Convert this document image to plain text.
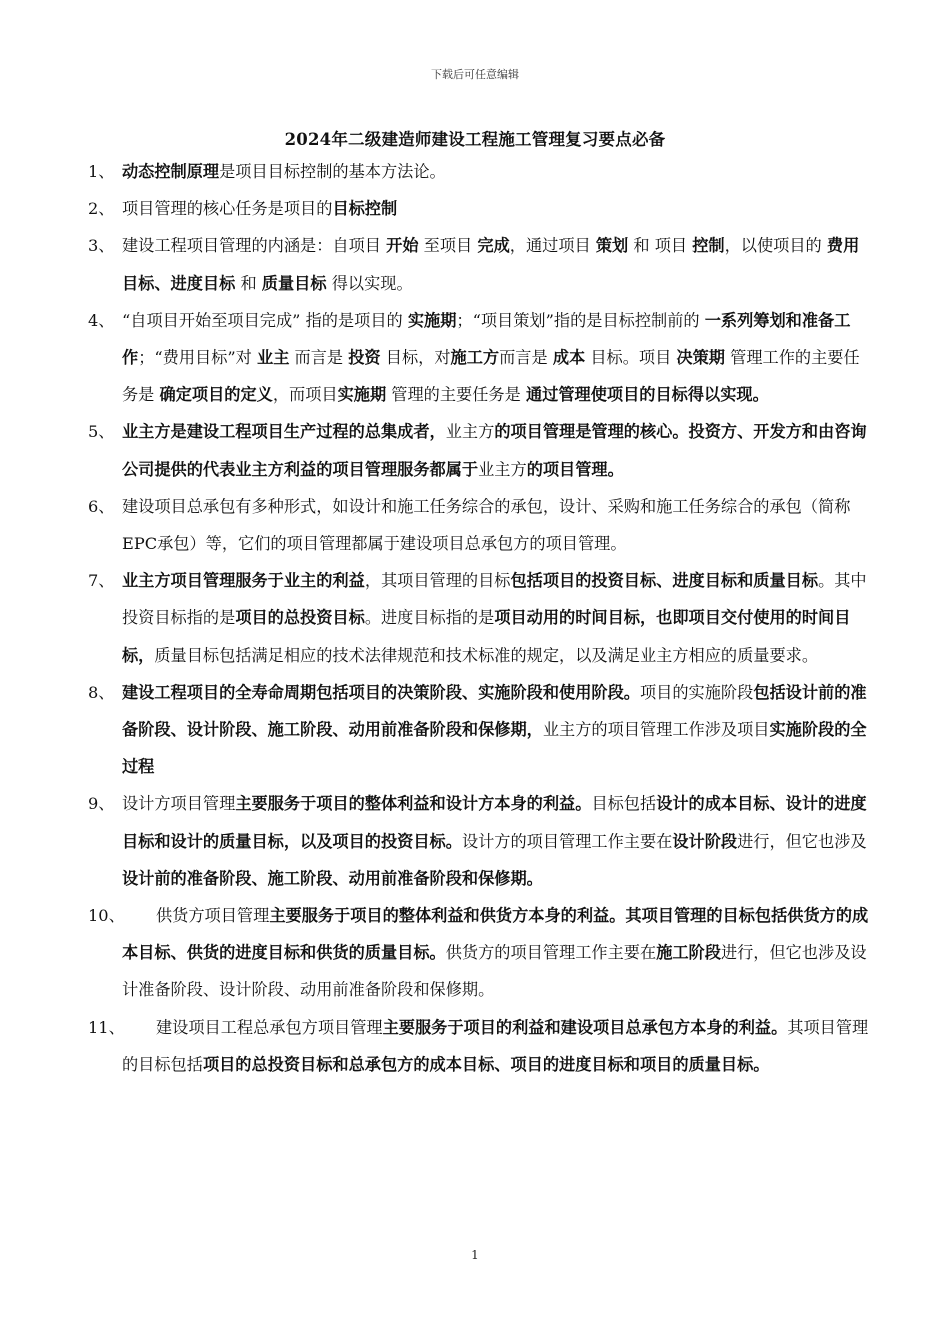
下载后可任意编辑
2024年二级建造师建设工程施工管理复习要点必备
1、 动态控制原理是项目目标控制的基本方法论。
2、 项目管理的核心任务是项目的目标控制
3、 建设工程项目管理的内涵是：自项目 开始 至项目 完成，通过项目 策划 和 项目 控制，以使项目的 费用目标、进度目标 和 质量目标 得以实现。
4、 “自项目开始至项目完成” 指的是项目的 实施期；“项目策划”指的是目标控制前的 一系列筹划和准备工作；“费用目标”对 业主 而言是 投资 目标，对施工方而言是 成本 目标。项目 决策期 管理工作的主要任务是 确定项目的定义，而项目实施期 管理的主要任务是 通过管理使项目的目标得以实现。
5、 业主方是建设工程项目生产过程的总集成者，业主方的项目管理是管理的核心。投资方、开发方和由咨询公司提供的代表业主方利益的项目管理服务都属于业主方的项目管理。
6、 建设项目总承包有多种形式，如设计和施工任务综合的承包，设计、采购和施工任务综合的承包（简称EPC承包）等，它们的项目管理都属于建设项目总承包方的项目管理。
7、 业主方项目管理服务于业主的利益，其项目管理的目标包括项目的投资目标、进度目标和质量目标。其中投资目标指的是项目的总投资目标。进度目标指的是项目动用的时间目标，也即项目交付使用的时间目标，质量目标包括满足相应的技术法律规范和技术标准的规定，以及满足业主方相应的质量要求。
8、 建设工程项目的全寿命周期包括项目的决策阶段、实施阶段和使用阶段。项目的实施阶段包括设计前的准备阶段、设计阶段、施工阶段、动用前准备阶段和保修期，业主方的项目管理工作涉及项目实施阶段的全过程
9、 设计方项目管理主要服务于项目的整体利益和设计方本身的利益。目标包括设计的成本目标、设计的进度目标和设计的质量目标，以及项目的投资目标。设计方的项目管理工作主要在设计阶段进行，但它也涉及设计前的准备阶段、施工阶段、动用前准备阶段和保修期。
10、 供货方项目管理主要服务于项目的整体利益和供货方本身的利益。其项目管理的目标包括供货方的成本目标、供货的进度目标和供货的质量目标。供货方的项目管理工作主要在施工阶段进行，但它也涉及设计准备阶段、设计阶段、动用前准备阶段和保修期。
11、 建设项目工程总承包方项目管理主要服务于项目的利益和建设项目总承包方本身的利益。其项目管理的目标包括项目的总投资目标和总承包方的成本目标、项目的进度目标和项目的质量目标。
1
